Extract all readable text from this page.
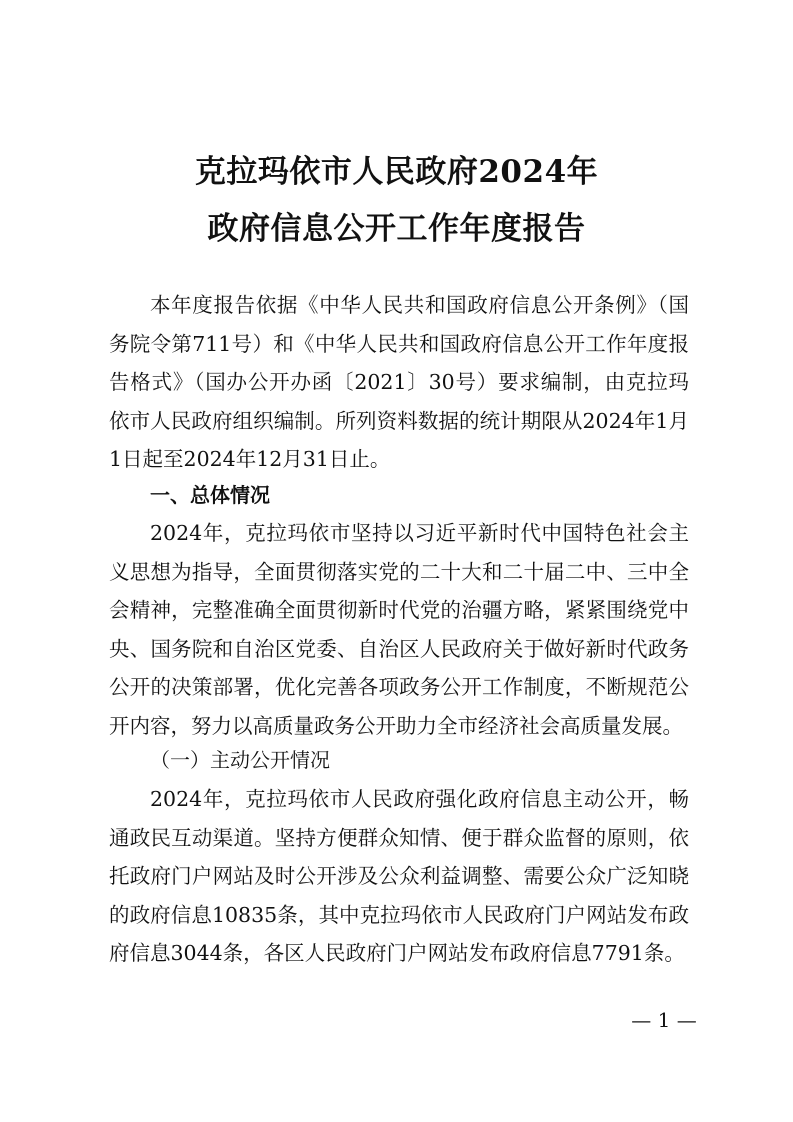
克拉玛依市人民政府2024年
政府信息公开工作年度报告
本年度报告依据《中华人民共和国政府信息公开条例》（国务院令第711号）和《中华人民共和国政府信息公开工作年度报告格式》（国办公开办函〔2021〕30号）要求编制，由克拉玛依市人民政府组织编制。所列资料数据的统计期限从2024年1月1日起至2024年12月31日止。
一、总体情况
2024年，克拉玛依市坚持以习近平新时代中国特色社会主义思想为指导，全面贯彻落实党的二十大和二十届二中、三中全会精神，完整准确全面贯彻新时代党的治疆方略，紧紧围绕党中央、国务院和自治区党委、自治区人民政府关于做好新时代政务公开的决策部署，优化完善各项政务公开工作制度，不断规范公开内容，努力以高质量政务公开助力全市经济社会高质量发展。
（一）主动公开情况
2024年，克拉玛依市人民政府强化政府信息主动公开，畅通政民互动渠道。坚持方便群众知情、便于群众监督的原则，依托政府门户网站及时公开涉及公众利益调整、需要公众广泛知晓的政府信息10835条，其中克拉玛依市人民政府门户网站发布政府信息3044条，各区人民政府门户网站发布政府信息7791条。
— 1 —
